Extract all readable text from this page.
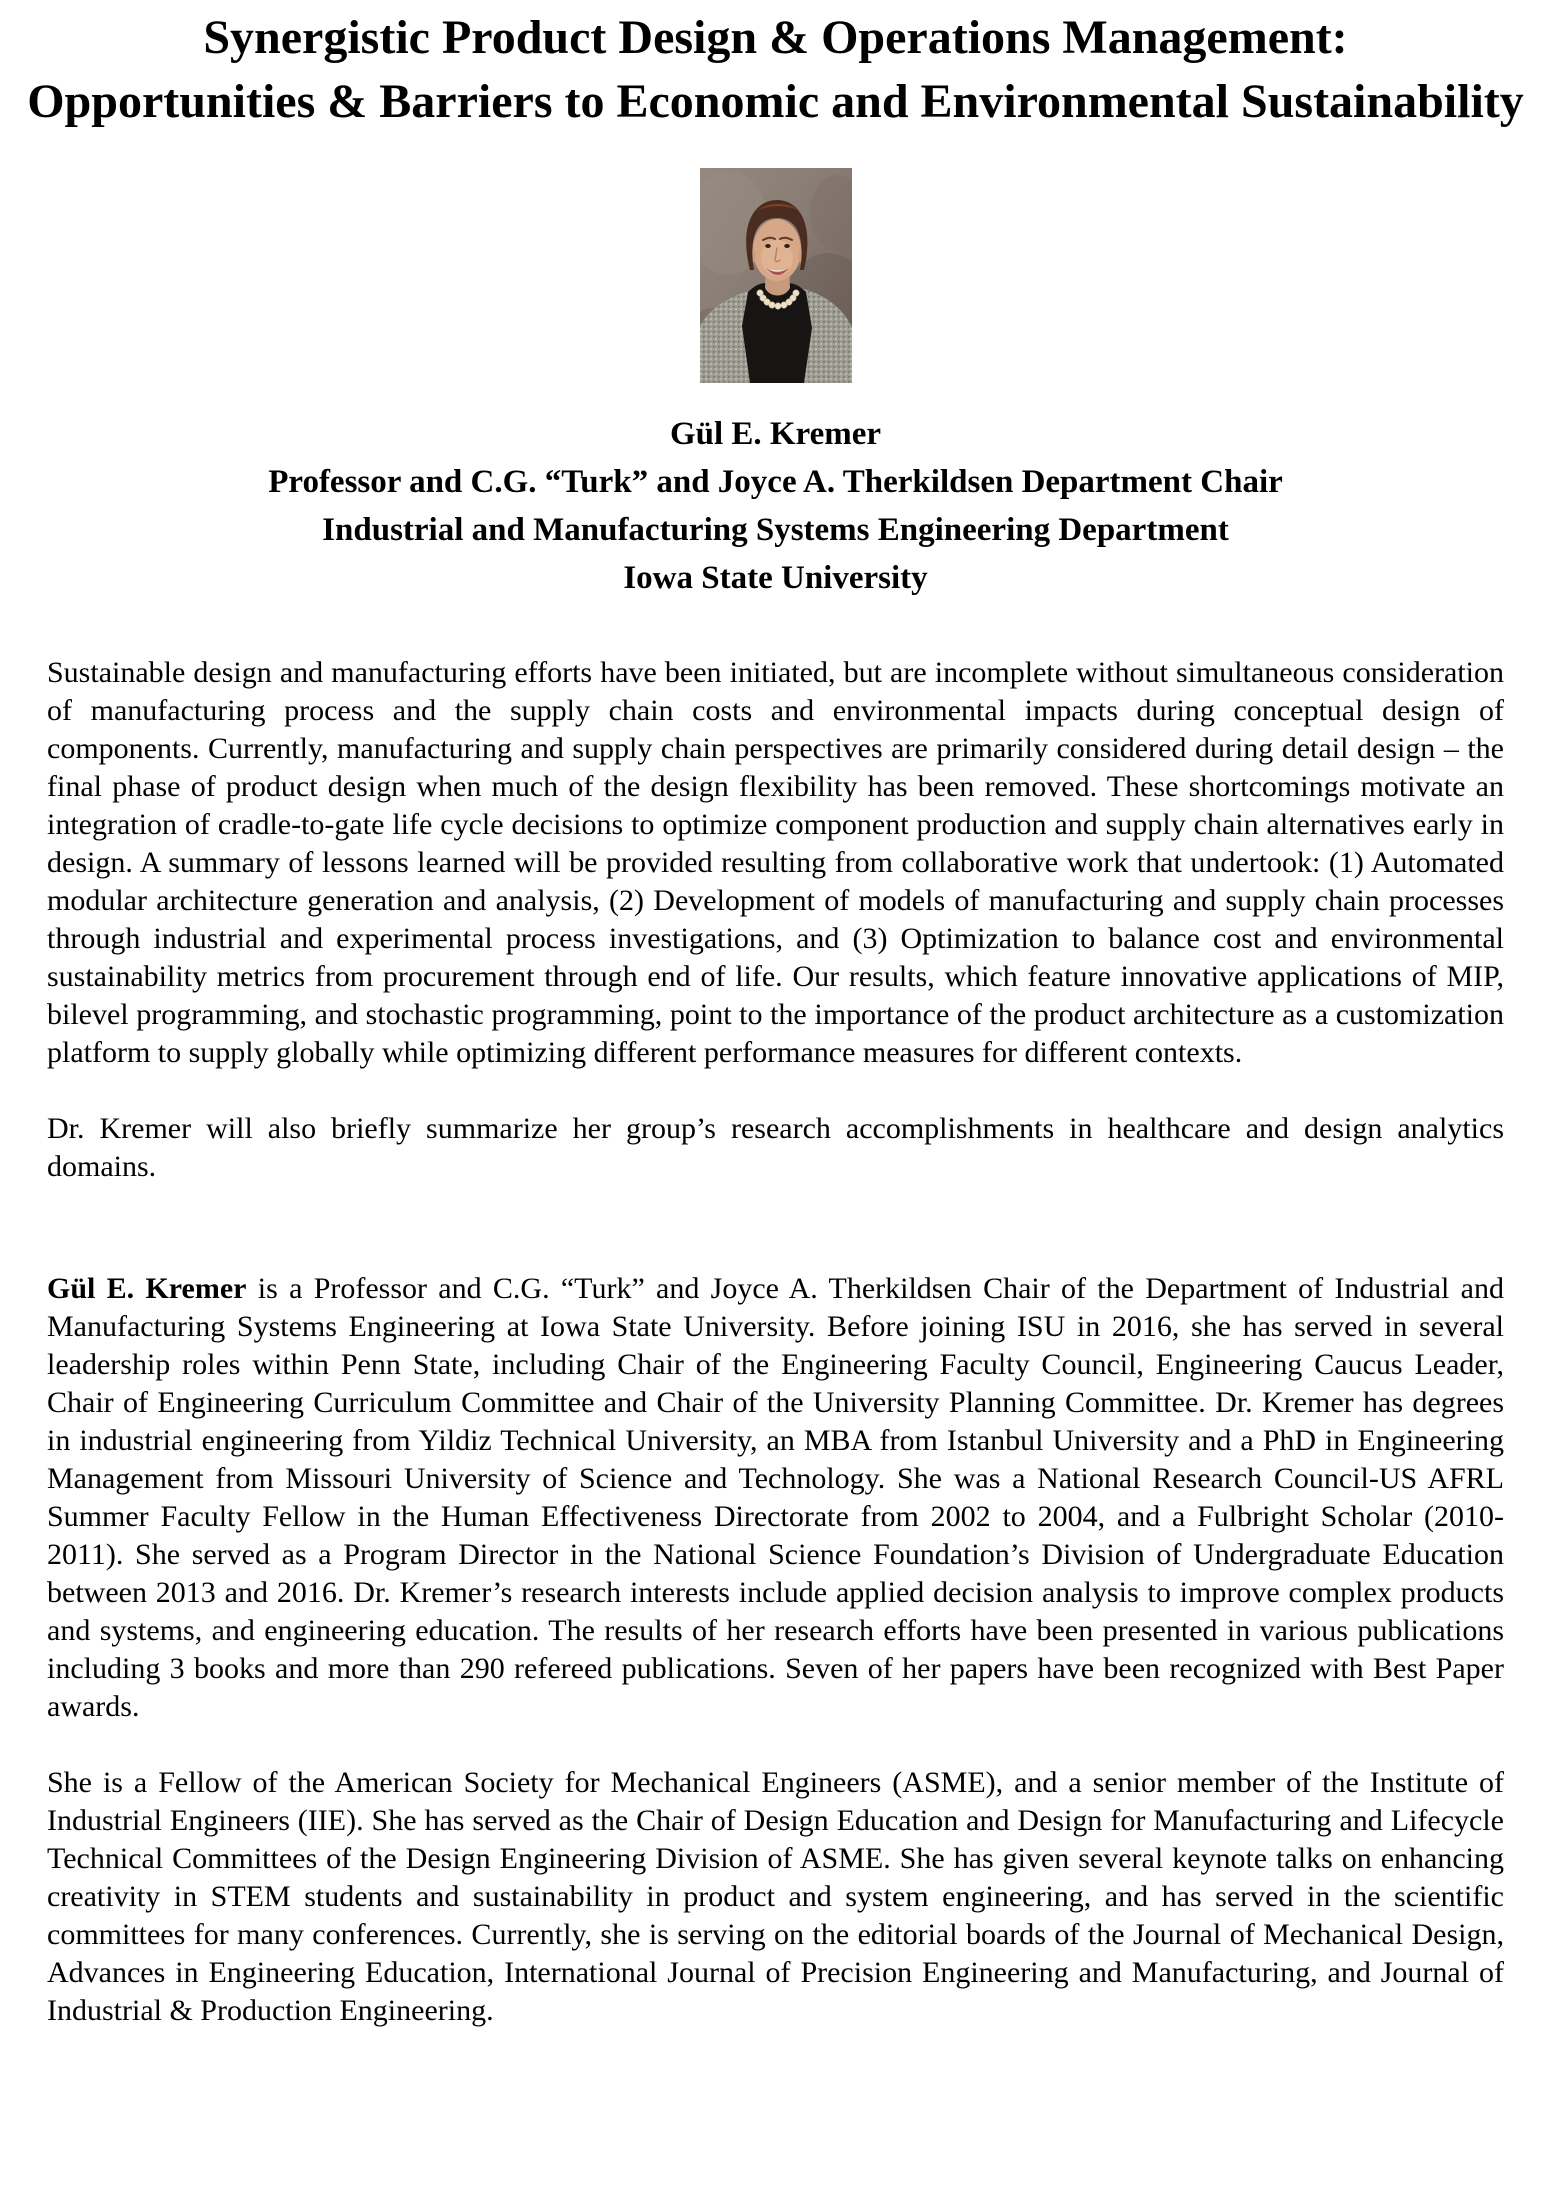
Synergistic Product Design & Operations Management:
Opportunities & Barriers to Economic and Environmental Sustainability
Gül E. Kremer
Professor and C.G. “Turk” and Joyce A. Therkildsen Department Chair
Industrial and Manufacturing Systems Engineering Department
Iowa State University

Sustainable design and manufacturing efforts have been initiated, but are incomplete without simultaneous consideration of manufacturing process and the supply chain costs and environmental impacts during conceptual design of components. Currently, manufacturing and supply chain perspectives are primarily considered during detail design – the final phase of product design when much of the design flexibility has been removed. These shortcomings motivate an integration of cradle-to-gate life cycle decisions to optimize component production and supply chain alternatives early in design. A summary of lessons learned will be provided resulting from collaborative work that undertook: (1) Automated modular architecture generation and analysis, (2) Development of models of manufacturing and supply chain processes through industrial and experimental process investigations, and (3) Optimization to balance cost and environmental sustainability metrics from procurement through end of life. Our results, which feature innovative applications of MIP, bilevel programming, and stochastic programming, point to the importance of the product architecture as a customization platform to supply globally while optimizing different performance measures for different contexts.

Dr. Kremer will also briefly summarize her group’s research accomplishments in healthcare and design analytics domains.

Gül E. Kremer is a Professor and C.G. “Turk” and Joyce A. Therkildsen Chair of the Department of Industrial and Manufacturing Systems Engineering at Iowa State University. Before joining ISU in 2016, she has served in several leadership roles within Penn State, including Chair of the Engineering Faculty Council, Engineering Caucus Leader, Chair of Engineering Curriculum Committee and Chair of the University Planning Committee. Dr. Kremer has degrees in industrial engineering from Yildiz Technical University, an MBA from Istanbul University and a PhD in Engineering Management from Missouri University of Science and Technology. She was a National Research Council-US AFRL Summer Faculty Fellow in the Human Effectiveness Directorate from 2002 to 2004, and a Fulbright Scholar (2010-2011). She served as a Program Director in the National Science Foundation’s Division of Undergraduate Education between 2013 and 2016. Dr. Kremer’s research interests include applied decision analysis to improve complex products and systems, and engineering education. The results of her research efforts have been presented in various publications including 3 books and more than 290 refereed publications. Seven of her papers have been recognized with Best Paper awards.

She is a Fellow of the American Society for Mechanical Engineers (ASME), and a senior member of the Institute of Industrial Engineers (IIE). She has served as the Chair of Design Education and Design for Manufacturing and Lifecycle Technical Committees of the Design Engineering Division of ASME. She has given several keynote talks on enhancing creativity in STEM students and sustainability in product and system engineering, and has served in the scientific committees for many conferences. Currently, she is serving on the editorial boards of the Journal of Mechanical Design, Advances in Engineering Education, International Journal of Precision Engineering and Manufacturing, and Journal of Industrial & Production Engineering.
